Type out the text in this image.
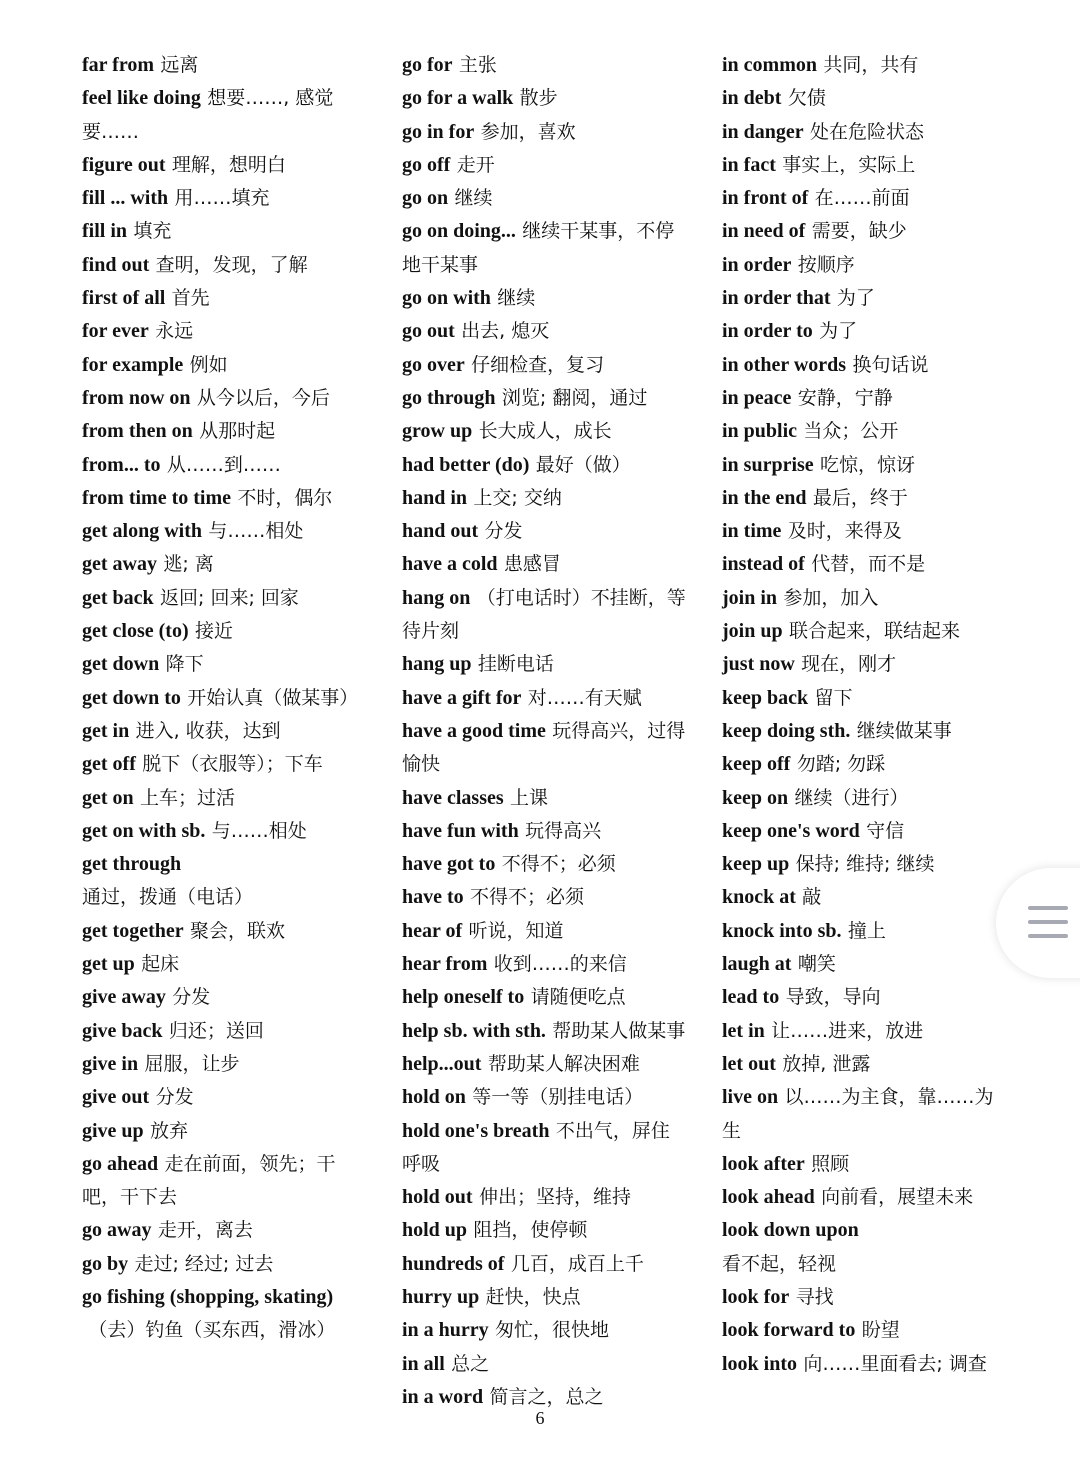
far from 远离
feel like doing 想要……, 感觉要……
figure out 理解，想明白
fill ... with 用……填充
fill in 填充
find out 查明，发现，了解
first of all 首先
for ever 永远
for example 例如
from now on 从今以后，今后
from then on 从那时起
from... to 从……到……
from time to time 不时，偶尔
get along with 与……相处
get away 逃; 离
get back 返回; 回来; 回家
get close (to) 接近
get down 降下
get down to 开始认真（做某事）
get in 进入, 收获，达到
get off 脱下（衣服等）；下车
get on 上车；过活
get on with sb. 与……相处
get through
通过，拨通（电话）
get together 聚会，联欢
get up 起床
give away 分发
give back 归还；送回
give in 屈服，让步
give out 分发
give up 放弃
go ahead 走在前面，领先；干吧，干下去
go away 走开，离去
go by 走过; 经过; 过去
go fishing (shopping, skating) （去）钓鱼（买东西，滑冰）
go for 主张
go for a walk 散步
go in for 参加，喜欢
go off 走开
go on 继续
go on doing... 继续干某事，不停地干某事
go on with 继续
go out 出去, 熄灭
go over 仔细检查，复习
go through 浏览; 翻阅，通过
grow up 长大成人，成长
had better (do) 最好（做）
hand in 上交; 交纳
hand out 分发
have a cold 患感冒
hang on （打电话时）不挂断，等待片刻
hang up 挂断电话
have a gift for 对……有天赋
have a good time 玩得高兴，过得愉快
have classes 上课
have fun with 玩得高兴
have got to 不得不；必须
have to 不得不；必须
hear of 听说，知道
hear from 收到……的来信
help oneself to 请随便吃点
help sb. with sth. 帮助某人做某事
help...out 帮助某人解决困难
hold on 等一等（别挂电话）
hold one's breath 不出气，屏住呼吸
hold out 伸出；坚持，维持
hold up 阻挡，使停顿
hundreds of 几百，成百上千
hurry up 赶快，快点
in a hurry 匆忙，很快地
in all 总之
in a word 简言之，总之
in common 共同，共有
in debt 欠债
in danger 处在危险状态
in fact 事实上，实际上
in front of 在……前面
in need of 需要，缺少
in order 按顺序
in order that 为了
in order to 为了
in other words 换句话说
in peace 安静，宁静
in public 当众；公开
in surprise 吃惊，惊讶
in the end 最后，终于
in time 及时，来得及
instead of 代替，而不是
join in 参加，加入
join up 联合起来，联结起来
just now 现在，刚才
keep back 留下
keep doing sth. 继续做某事
keep off 勿踏; 勿踩
keep on 继续（进行）
keep one's word 守信
keep up 保持; 维持; 继续
knock at 敲
knock into sb. 撞上
laugh at 嘲笑
lead to 导致，导向
let in 让……进来，放进
let out 放掉, 泄露
live on 以……为主食，靠……为生
look after 照顾
look ahead 向前看，展望未来
look down upon
看不起，轻视
look for 寻找
look forward to 盼望
look into 向……里面看去; 调查
6
